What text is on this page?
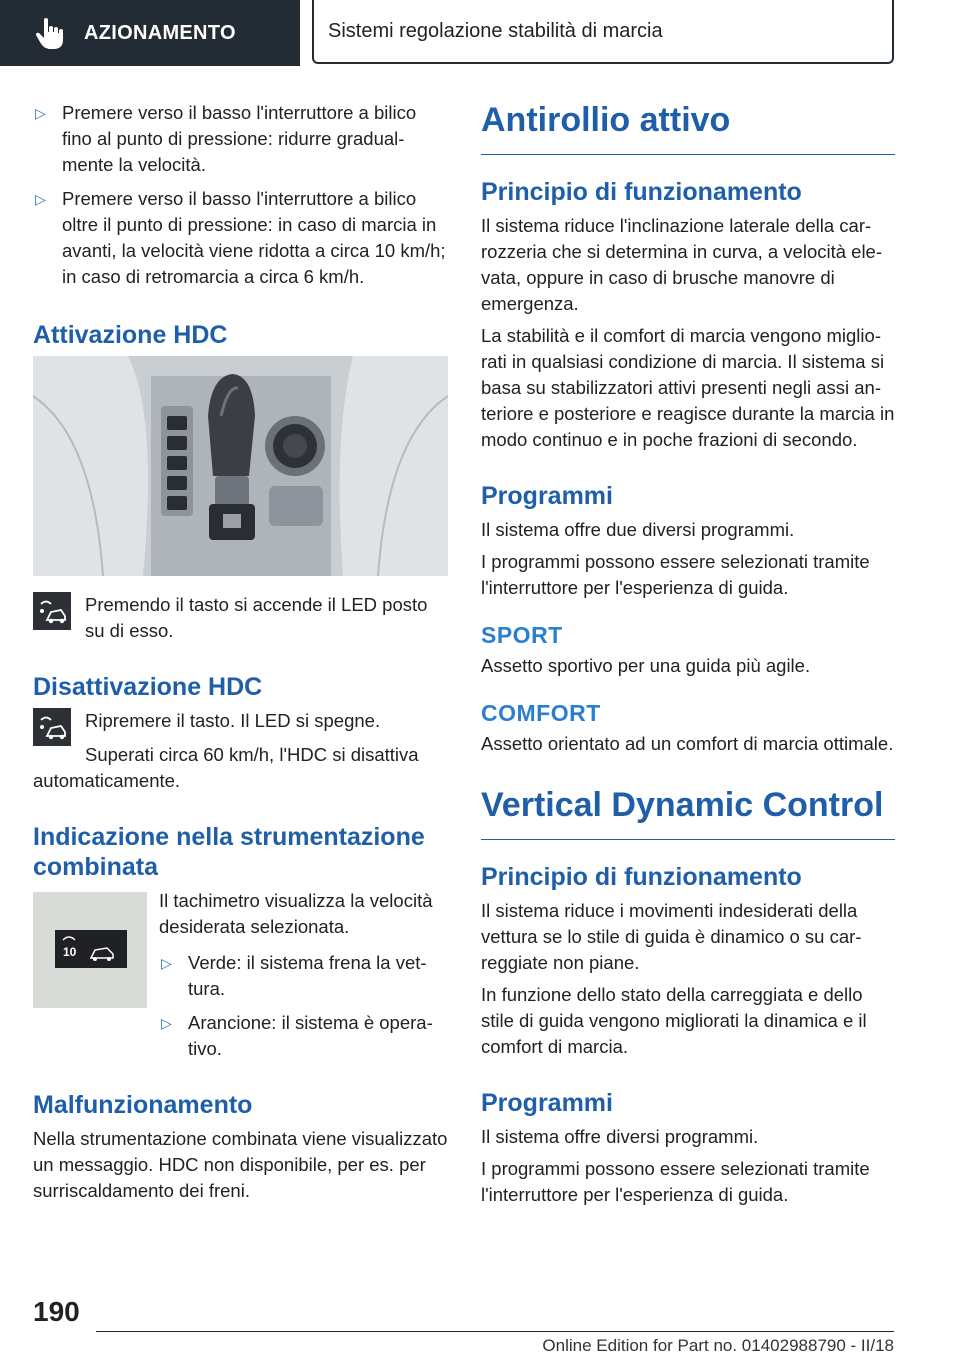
AZIONAMENTO	Sistemi regolazione stabilità di marcia
▷ Premere verso il basso l'interruttore a bilico fino al punto di pressione: ridurre gradualmente la velocità.
▷ Premere verso il basso l'interruttore a bilico oltre il punto di pressione: in caso di marcia in avanti, la velocità viene ridotta a circa 10 km/h; in caso di retromarcia a circa 6 km/h.
Attivazione HDC
Premendo il tasto si accende il LED posto su di esso.
Disattivazione HDC

Ripremere il tasto. Il LED si spegne.

Superati circa 60 km/h, l'HDC si disattiva automaticamente.

Indicazione nella strumentazione combinata
10

Il tachimetro visualizza la velocità desiderata selezionata.

▷ Verde: il sistema frena la vettura.
▷ Arancione: il sistema è operativo.
Malfunzionamento

Nella strumentazione combinata viene visualizzato un messaggio. HDC non disponibile, per es. per surriscaldamento dei freni.

Antirollio attivo
Principio di funzionamento

Il sistema riduce l'inclinazione laterale della carrozzeria che si determina in curva, a velocità elevata, oppure in caso di brusche manovre di emergenza.

La stabilità e il comfort di marcia vengono migliorati in qualsiasi condizione di marcia. Il sistema si basa su stabilizzatori attivi presenti negli assi anteriore e posteriore e reagisce durante la marcia in modo continuo e in poche frazioni di secondo.

Programmi

Il sistema offre due diversi programmi.

I programmi possono essere selezionati tramite l'interruttore per l'esperienza di guida.

SPORT

Assetto sportivo per una guida più agile.

COMFORT

Assetto orientato ad un comfort di marcia ottimale.

Vertical Dynamic Control
Principio di funzionamento

Il sistema riduce i movimenti indesiderati della vettura se lo stile di guida è dinamico o su carreggiate non piane.

In funzione dello stato della carreggiata e dello stile di guida vengono migliorati la dinamica e il comfort di marcia.

Programmi

Il sistema offre diversi programmi.

I programmi possono essere selezionati tramite l'interruttore per l'esperienza di guida.

190
Online Edition for Part no. 01402988790 - II/18
